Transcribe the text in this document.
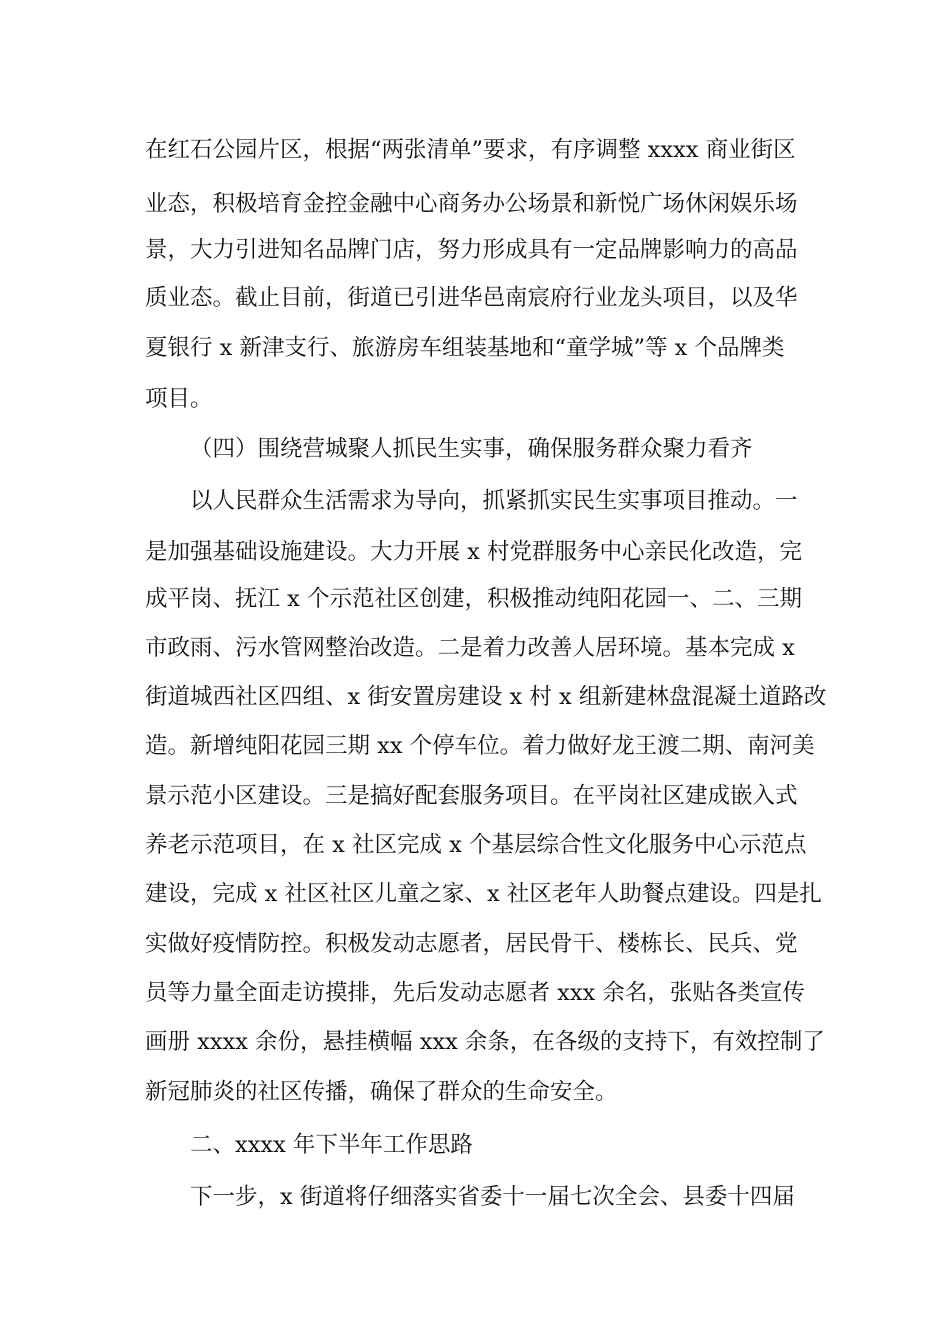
在红石公园片区，根据“两张清单”要求，有序调整 xxxx 商业街区

业态，积极培育金控金融中心商务办公场景和新悦广场休闲娱乐场

景，大力引进知名品牌门店，努力形成具有一定品牌影响力的高品

质业态。截止目前，街道已引进华邑南宸府行业龙头项目，以及华

夏银行 x 新津支行、旅游房车组装基地和“童学城”等 x 个品牌类

项目。

（四）围绕营城聚人抓民生实事，确保服务群众聚力看齐

以人民群众生活需求为导向，抓紧抓实民生实事项目推动。一

是加强基础设施建设。大力开展 x 村党群服务中心亲民化改造，完

成平岗、抚江 x 个示范社区创建，积极推动纯阳花园一、二、三期

市政雨、污水管网整治改造。二是着力改善人居环境。基本完成 x

街道城西社区四组、x 街安置房建设 x 村 x 组新建林盘混凝土道路改

造。新增纯阳花园三期 xx 个停车位。着力做好龙王渡二期、南河美

景示范小区建设。三是搞好配套服务项目。在平岗社区建成嵌入式

养老示范项目，在 x 社区完成 x 个基层综合性文化服务中心示范点

建设，完成 x 社区社区儿童之家、x 社区老年人助餐点建设。四是扎

实做好疫情防控。积极发动志愿者，居民骨干、楼栋长、民兵、党

员等力量全面走访摸排，先后发动志愿者 xxx 余名，张贴各类宣传

画册 xxxx 余份，悬挂横幅 xxx 余条，在各级的支持下，有效控制了

新冠肺炎的社区传播，确保了群众的生命安全。

二、xxxx 年下半年工作思路

下一步，x 街道将仔细落实省委十一届七次全会、县委十四届
